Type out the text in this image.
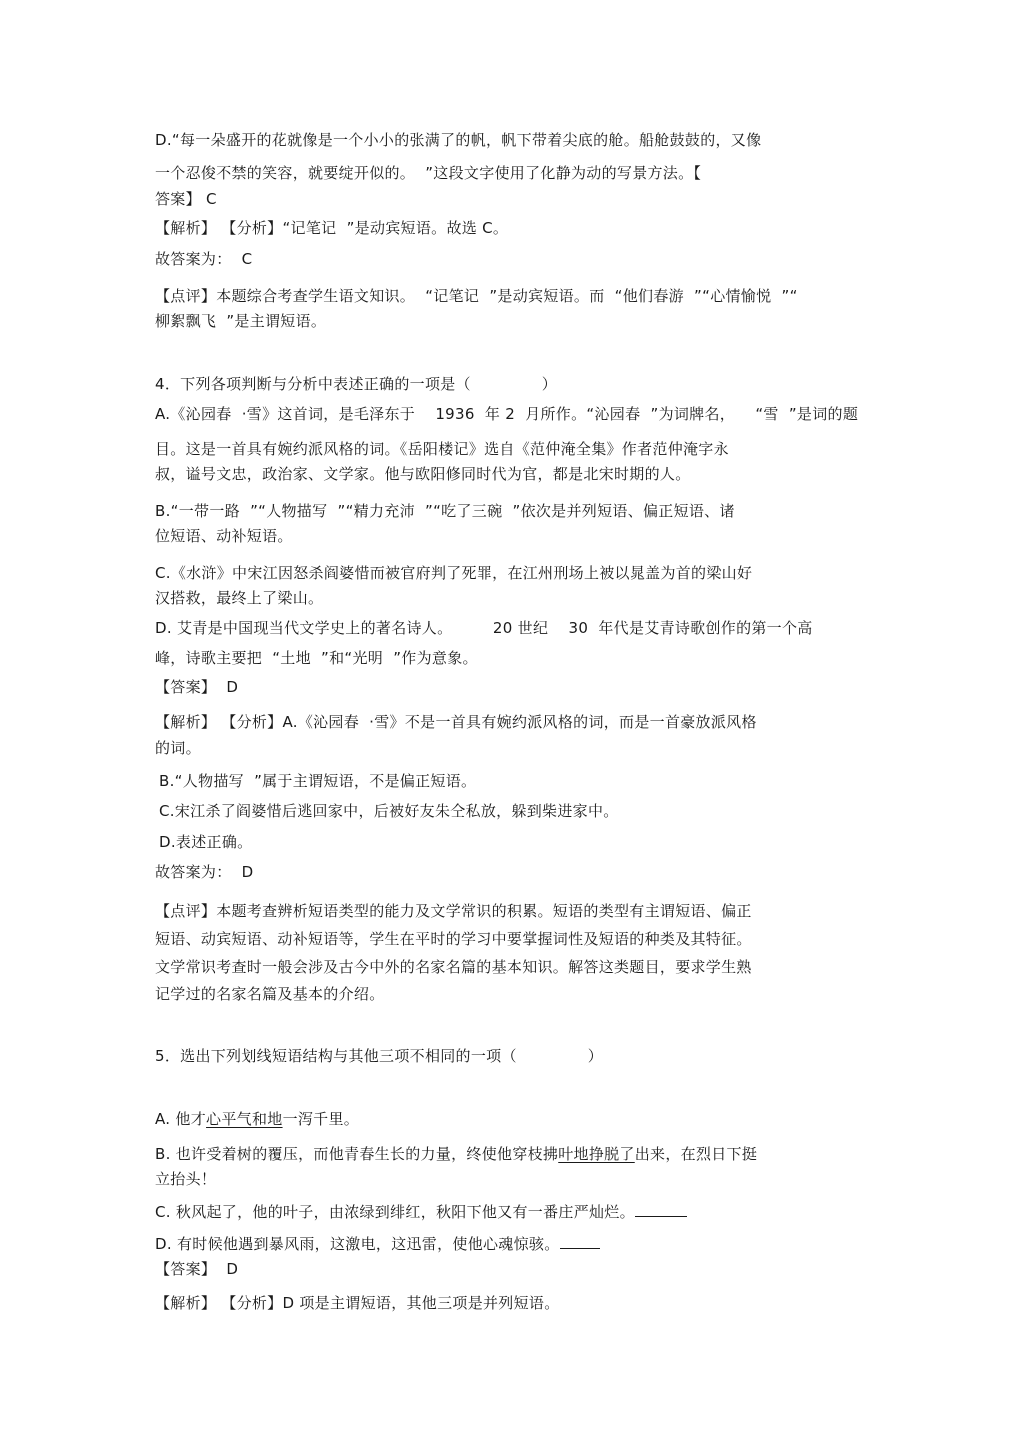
D.“每一朵盛开的花就像是一个小小的张满了的帆，帆下带着尖底的舱。船舱鼓鼓的，又像
一个忍俊不禁的笑容，就要绽开似的。  ”这段文字使用了化静为动的写景方法。【
答案】 C
【解析】 【分析】“记笔记  ”是动宾短语。故选 C。
故答案为：  C
【点评】本题综合考查学生语文知识。  “记笔记  ”是动宾短语。而  “他们春游  ”“心情愉悦  ”“
柳絮飘飞  ”是主谓短语。
4．下列各项判断与分析中表述正确的一项是（              ）
A.《沁园春  ·雪》这首词，是毛泽东于    1936  年 2  月所作。“沁园春  ”为词牌名，    “雪  ”是词的题
目。这是一首具有婉约派风格的词。《岳阳楼记》选自《范仲淹全集》作者范仲淹字永
叔，谥号文忠，政治家、文学家。他与欧阳修同时代为官，都是北宋时期的人。
B.“一带一路  ”“人物描写  ”“精力充沛  ”“吃了三碗  ”依次是并列短语、偏正短语、诸
位短语、动补短语。
C.《水浒》中宋江因怒杀阎婆惜而被官府判了死罪，在江州刑场上被以晁盖为首的梁山好
汉搭救，最终上了梁山。
D. 艾青是中国现当代文学史上的著名诗人。        20 世纪    30  年代是艾青诗歌创作的第一个高
峰，诗歌主要把  “土地  ”和“光明  ”作为意象。
【答案】  D
【解析】 【分析】A.《沁园春  ·雪》不是一首具有婉约派风格的词，而是一首豪放派风格
的词。
B.“人物描写  ”属于主谓短语，不是偏正短语。
C.宋江杀了阎婆惜后逃回家中，后被好友朱仝私放，躲到柴进家中。
D.表述正确。
故答案为：  D
【点评】本题考查辨析短语类型的能力及文学常识的积累。短语的类型有主谓短语、偏正
短语、动宾短语、动补短语等，学生在平时的学习中要掌握词性及短语的种类及其特征。
文学常识考查时一般会涉及古今中外的名家名篇的基本知识。解答这类题目，要求学生熟
记学过的名家名篇及基本的介绍。
5．选出下列划线短语结构与其他三项不相同的一项（              ）
A. 他才心平气和地一泻千里。
B. 也许受着树的覆压，而他青春生长的力量，终使他穿枝拂叶地挣脱了出来，在烈日下挺
立抬头！
C. 秋风起了，他的叶子，由浓绿到绯红，秋阳下他又有一番庄严灿烂。
D. 有时候他遇到暴风雨，这激电，这迅雷，使他心魂惊骇。
【答案】  D
【解析】 【分析】D 项是主谓短语，其他三项是并列短语。
